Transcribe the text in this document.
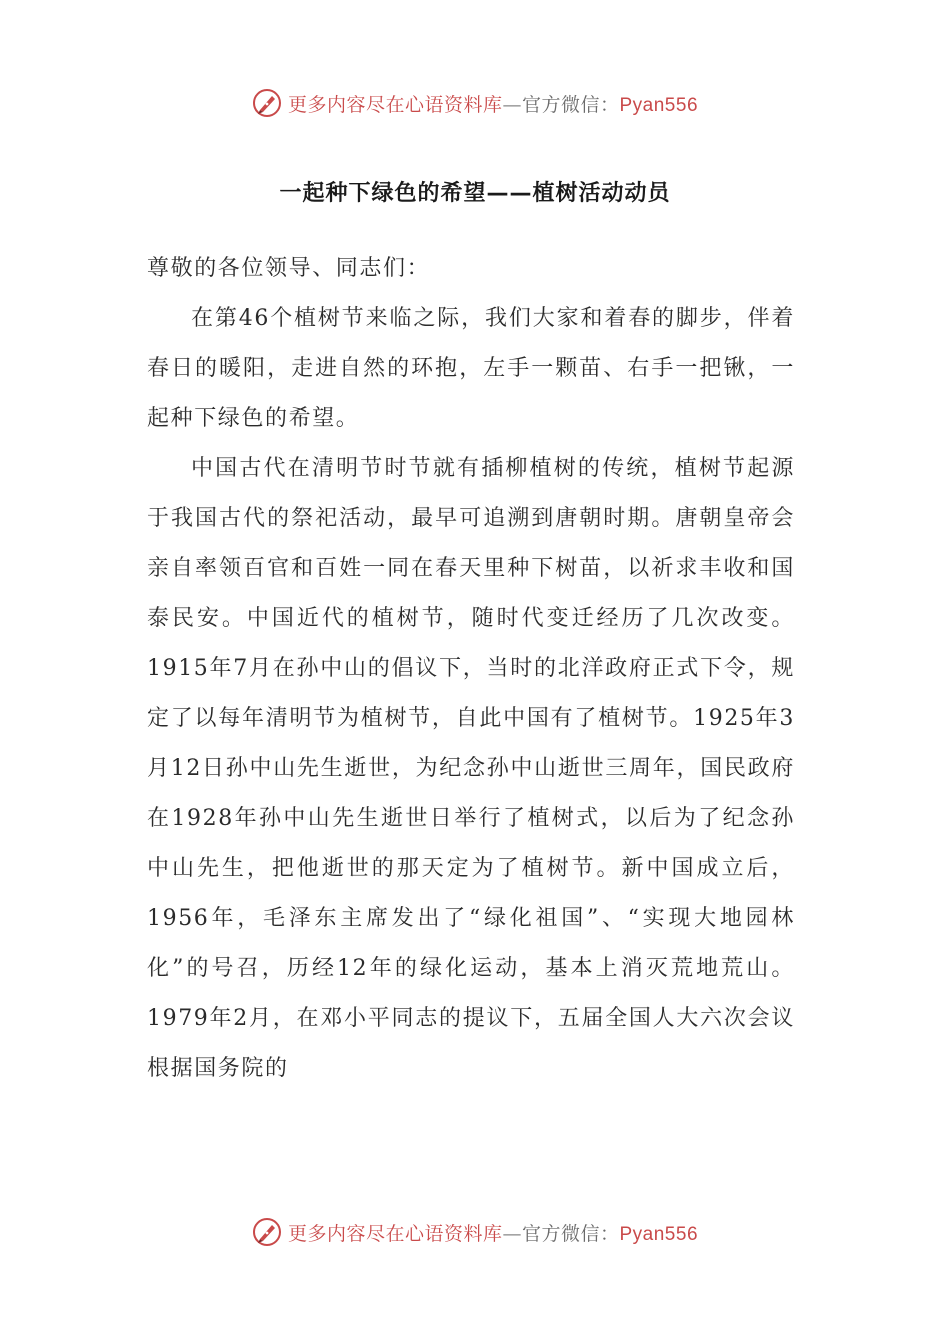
更多内容尽在心语资料库—官方微信：Pyan556
一起种下绿色的希望——植树活动动员

尊敬的各位领导、同志们：

在第46个植树节来临之际，我们大家和着春的脚步，伴着春日的暖阳，走进自然的环抱，左手一颗苗、右手一把锹，一起种下绿色的希望。

中国古代在清明节时节就有插柳植树的传统，植树节起源于我国古代的祭祀活动，最早可追溯到唐朝时期。唐朝皇帝会亲自率领百官和百姓一同在春天里种下树苗，以祈求丰收和国泰民安。中国近代的植树节，随时代变迁经历了几次改变。1915年7月在孙中山的倡议下，当时的北洋政府正式下令，规定了以每年清明节为植树节，自此中国有了植树节。1925年3月12日孙中山先生逝世，为纪念孙中山逝世三周年，国民政府在1928年孙中山先生逝世日举行了植树式，以后为了纪念孙中山先生，把他逝世的那天定为了植树节。新中国成立后，1956年，毛泽东主席发出了“绿化祖国”、“实现大地园林化”的号召，历经12年的绿化运动，基本上消灭荒地荒山。1979年2月，在邓小平同志的提议下，五届全国人大六次会议根据国务院的

更多内容尽在心语资料库—官方微信：Pyan556
